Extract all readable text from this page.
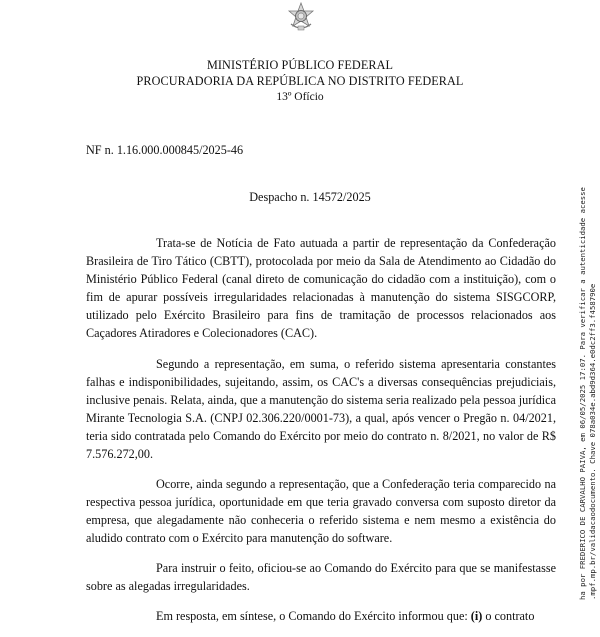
MINISTÉRIO PÚBLICO FEDERAL
PROCURADORIA DA REPÚBLICA NO DISTRITO FEDERAL
13º Ofício
NF n. 1.16.000.000845/2025-46
Despacho n. 14572/2025

Trata-se de Notícia de Fato autuada a partir de representação da Confederação Brasileira de Tiro Tático (CBTT), protocolada por meio da Sala de Atendimento ao Cidadão do Ministério Público Federal (canal direto de comunicação do cidadão com a instituição), com o fim de apurar possíveis irregularidades relacionadas à manutenção do sistema SISGCORP, utilizado pelo Exército Brasileiro para fins de tramitação de processos relacionados aos Caçadores Atiradores e Colecionadores (CAC).

Segundo a representação, em suma, o referido sistema apresentaria constantes falhas e indisponibilidades, sujeitando, assim, os CAC's a diversas consequências prejudiciais, inclusive penais. Relata, ainda, que a manutenção do sistema seria realizado pela pessoa jurídica Mirante Tecnologia S.A. (CNPJ 02.306.220/0001-73), a qual, após vencer o Pregão n. 04/2021, teria sido contratada pelo Comando do Exército por meio do contrato n. 8/2021, no valor de R$ 7.576.272,00.

Ocorre, ainda segundo a representação, que a Confederação teria comparecido na respectiva pessoa jurídica, oportunidade em que teria gravado conversa com suposto diretor da empresa, que alegadamente não conheceria o referido sistema e nem mesmo a existência do aludido contrato com o Exército para manutenção do software.

Para instruir o feito, oficiou-se ao Comando do Exército para que se manifestasse sobre as alegadas irregularidades.

Em resposta, em síntese, o Comando do Exército informou que: (i) o contrato

ha por FREDERICO DE CARVALHO PAIVA, em 06/05/2025 17:07. Para verificar a autenticidade acesse .mpf.mp.br/validacaodocumento. Chave 078a034e.abd9d364.e0dc2ff3.f458790e
